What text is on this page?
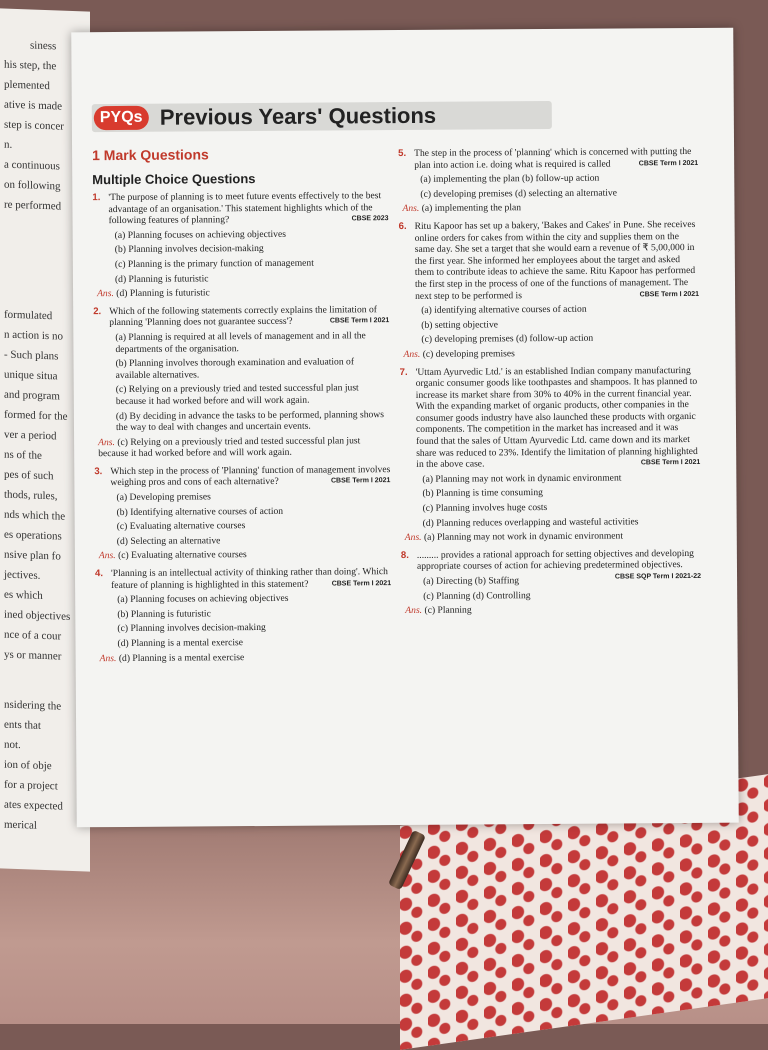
siness
his step, the
plemented
ative is made
step is concer
n.
a continuous
on following
re performed
formulated
n action is no
- Such plans
unique situa
and program
formed for the
ver a period
ns of the
pes of such
thods, rules,
nds which the
es operations
nsive plan fo
jectives.
es which
ined objectives
nce of a cour
ys or manner
nsidering the
ents that
not.
ion of obje
for a project
ates expected
merical
PYQs Previous Years' Questions
1 Mark Questions
Multiple Choice Questions
1. 'The purpose of planning is to meet future events effectively to the best advantage of an organisation.' This statement highlights which of the following features of planning?	CBSE 2023

(a) Planning focuses on achieving objectives

(b) Planning involves decision-making

(c) Planning is the primary function of management

(d) Planning is futuristic

Ans. (d) Planning is futuristic

2. Which of the following statements correctly explains the limitation of planning 'Planning does not guarantee success'?	CBSE Term I 2021

(a) Planning is required at all levels of management and in all the departments of the organisation.

(b) Planning involves thorough examination and evaluation of available alternatives.

(c) Relying on a previously tried and tested successful plan just because it had worked before and will work again.

(d) By deciding in advance the tasks to be performed, planning shows the way to deal with changes and uncertain events.

Ans. (c) Relying on a previously tried and tested successful plan just because it had worked before and will work again.

3. Which step in the process of 'Planning' function of management involves weighing pros and cons of each alternative?	CBSE Term I 2021

(a) Developing premises

(b) Identifying alternative courses of action

(c) Evaluating alternative courses

(d) Selecting an alternative

Ans. (c) Evaluating alternative courses

4. 'Planning is an intellectual activity of thinking rather than doing'. Which feature of planning is highlighted in this statement?	CBSE Term I 2021

(a) Planning focuses on achieving objectives

(b) Planning is futuristic

(c) Planning involves decision-making

(d) Planning is a mental exercise

Ans. (d) Planning is a mental exercise

5. The step in the process of 'planning' which is concerned with putting the plan into action i.e. doing what is required is called	CBSE Term I 2021

(a) implementing the plan (b) follow-up action

(c) developing premises (d) selecting an alternative

Ans. (a) implementing the plan

6. Ritu Kapoor has set up a bakery, 'Bakes and Cakes' in Pune. She receives online orders for cakes from within the city and supplies them on the same day. She set a target that she would earn a revenue of ₹ 5,00,000 in the first year. She informed her employees about the target and asked them to contribute ideas to achieve the same. Ritu Kapoor has performed the first step in the process of one of the functions of management. The next step to be performed is	CBSE Term I 2021

(a) identifying alternative courses of action

(b) setting objective

(c) developing premises (d) follow-up action

Ans. (c) developing premises

7. 'Uttam Ayurvedic Ltd.' is an established Indian company manufacturing organic consumer goods like toothpastes and shampoos. It has planned to increase its market share from 30% to 40% in the current financial year. With the expanding market of organic products, other companies in the consumer goods industry have also launched these products with organic components. The competition in the market has increased and it was found that the sales of Uttam Ayurvedic Ltd. came down and its market share was reduced to 23%. Identify the limitation of planning highlighted in the above case.	CBSE Term I 2021

(a) Planning may not work in dynamic environment

(b) Planning is time consuming

(c) Planning involves huge costs

(d) Planning reduces overlapping and wasteful activities

Ans. (a) Planning may not work in dynamic environment

8. ......... provides a rational approach for setting objectives and developing appropriate courses of action for achieving predetermined objectives.
CBSE SQP Term I 2021-22

(a) Directing (b) Staffing

(c) Planning (d) Controlling

Ans. (c) Planning
